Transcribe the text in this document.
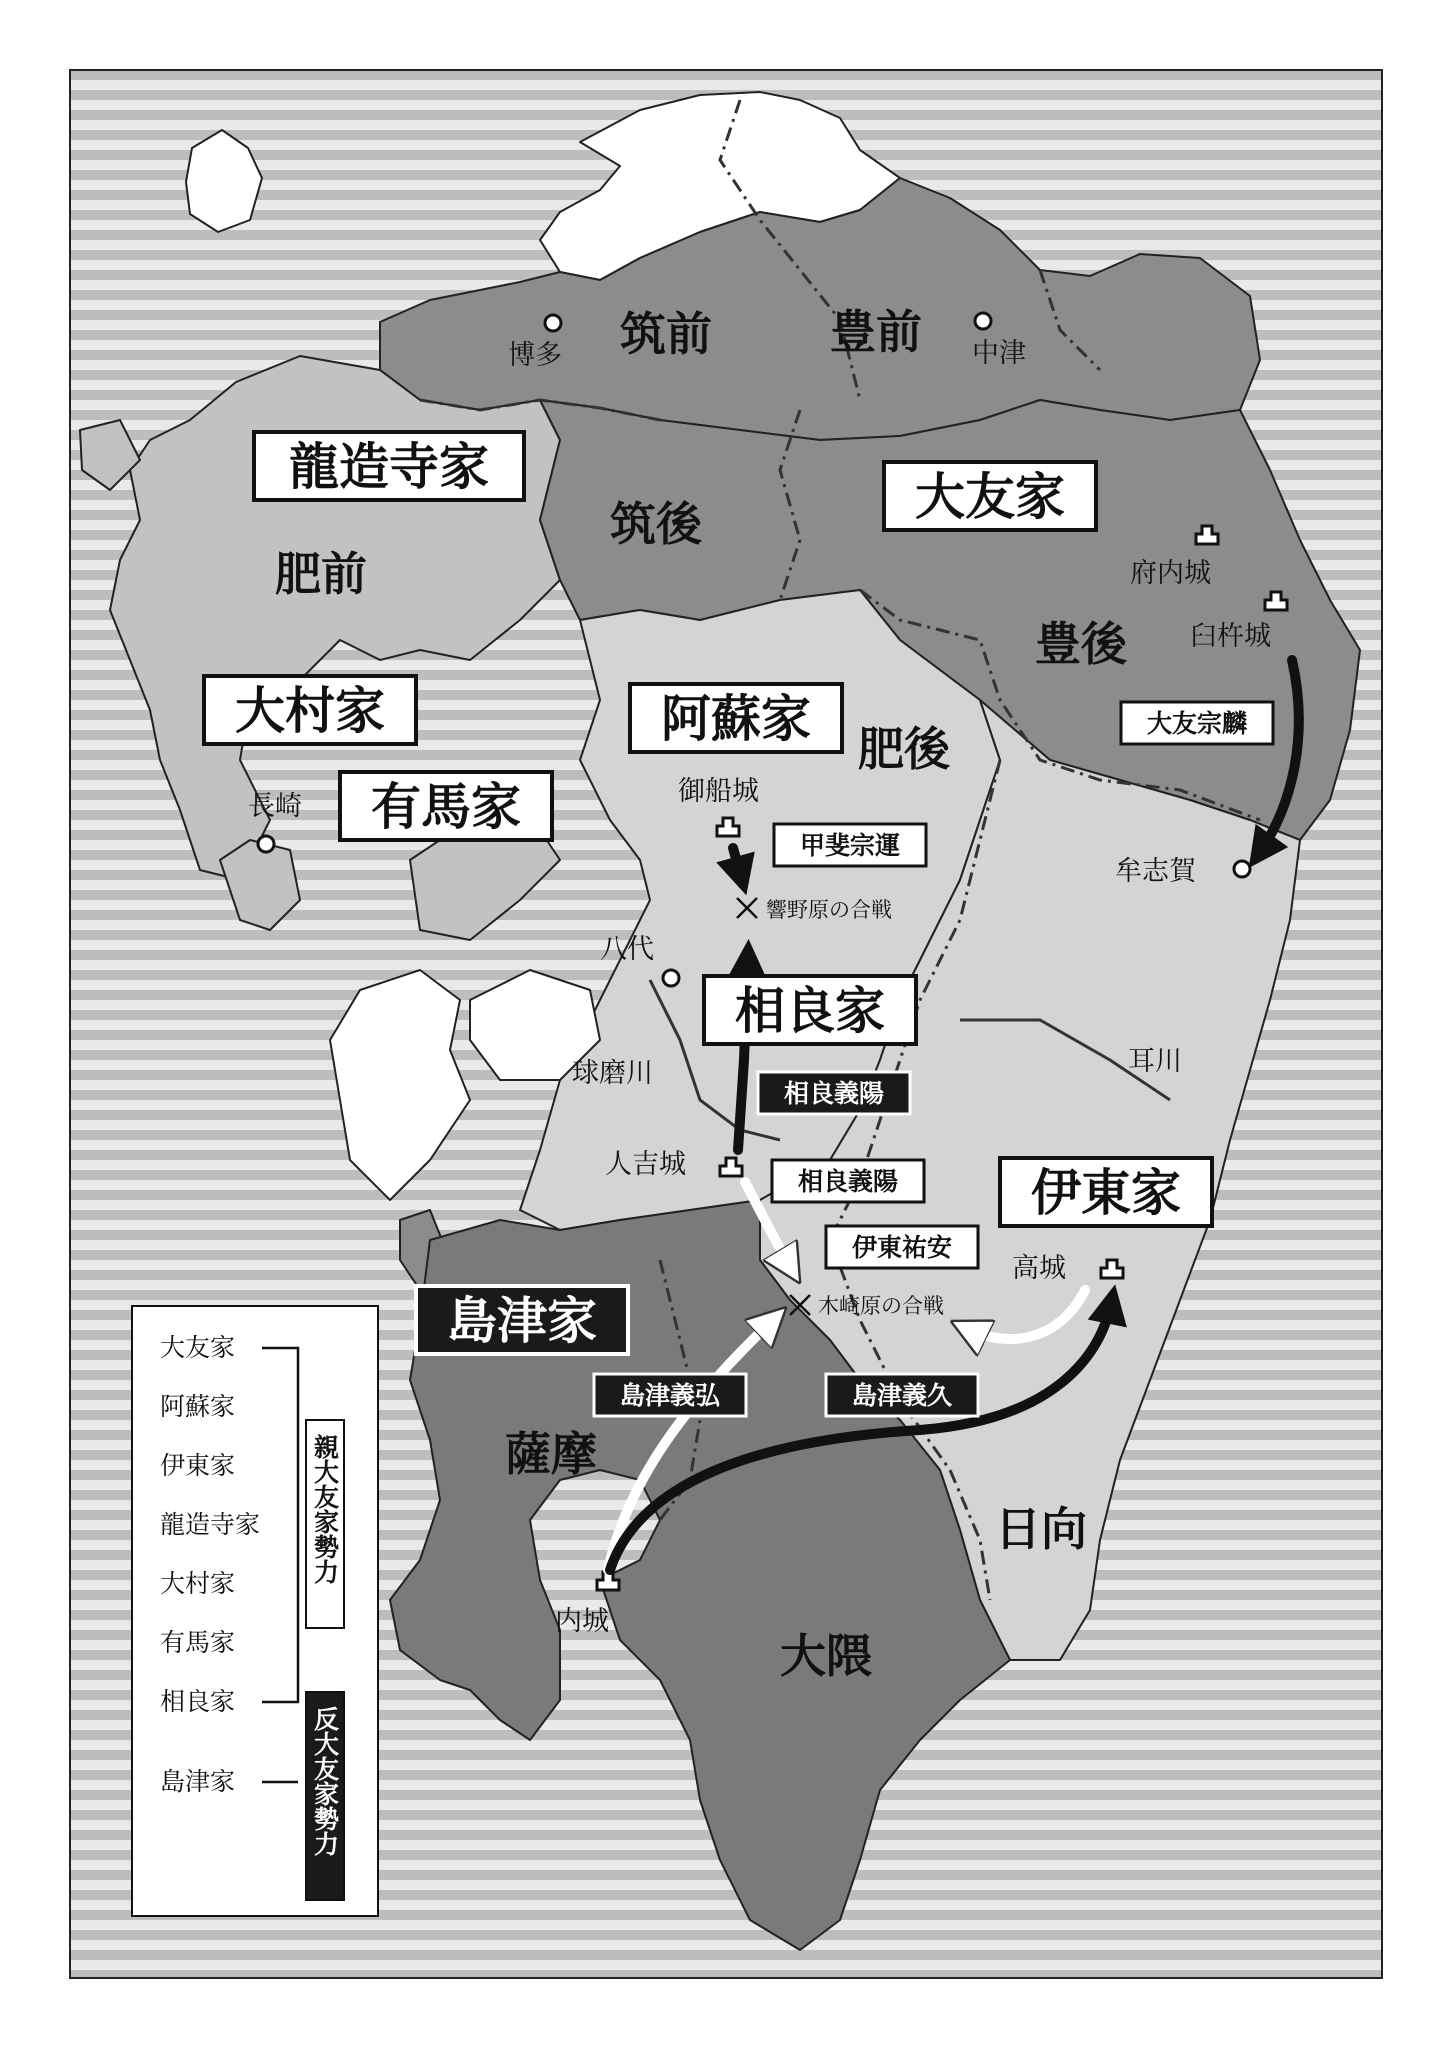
筑前	豊前
筑後
肥前
豊後
肥後
薩摩
大隈
日向
博多	中津
長崎
府内城
臼杵城
牟志賀
御船城
八代
球磨川
人吉城
高城
耳川
内城
響野原の合戦
木崎原の合戦
龍造寺家
大友家
大村家	阿蘇家
有馬家
相良家
伊東家
島津家
大友宗麟
甲斐宗運
相良義陽
相良義陽
伊東祐安
島津義弘	島津義久
大友家
阿蘇家
伊東家
龍造寺家
大村家
有馬家
相良家
島津家
親大友家勢力
反大友家勢力
